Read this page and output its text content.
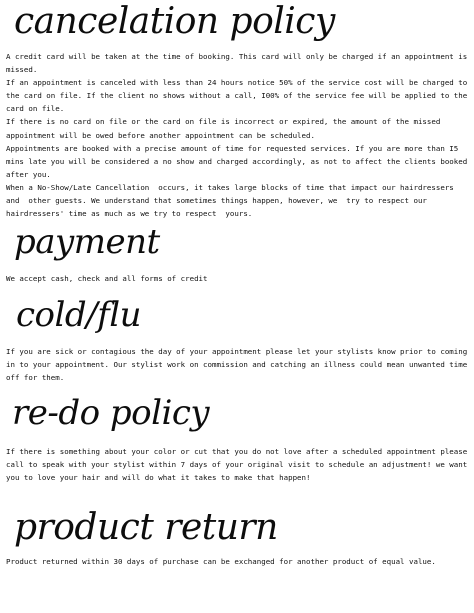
cancelation policy

A credit card will be taken at the time of booking. This card will only be charged if an appointment is missed.

If an appointment is canceled with less than 24 hours notice 50% of the service cost will be charged to the card on file. If the client no shows without a call, I00% of the service fee will be applied to the card on file.

If there is no card on file or the card on file is incorrect or expired, the amount of the missed appointment will be owed before another appointment can be scheduled.

Appointments are booked with a precise amount of time for requested services. If you are more than I5 mins late you will be considered a no show and charged accordingly, as not to affect the clients booked after you.

When a No-Show/Late Cancellation  occurs, it takes large blocks of time that impact our hairdressers and  other guests. We understand that sometimes things happen, however, we  try to respect our hairdressers' time as much as we try to respect  yours.

payment

We accept cash, check and all forms of credit

cold/flu

If you are sick or contagious the day of your appointment please let your stylists know prior to coming in to your appointment. Our stylist work on commission and catching an illness could mean unwanted time off for them.

re-do policy

If there is something about your color or cut that you do not love after a scheduled appointment please call to speak with your stylist within 7 days of your original visit to schedule an adjustment! we want you to love your hair and will do what it takes to make that happen!

product return

Product returned within 30 days of purchase can be exchanged for another product of equal value.
